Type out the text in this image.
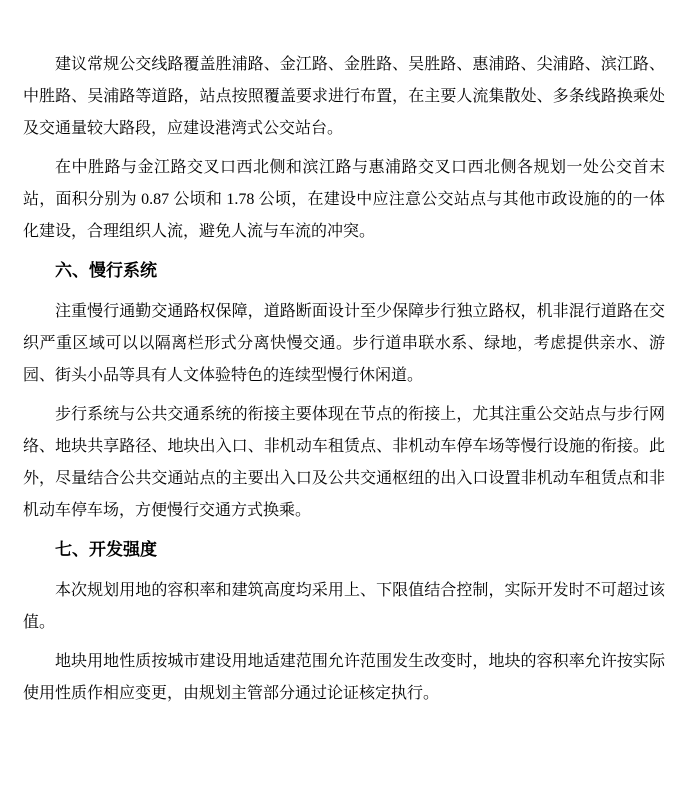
建议常规公交线路覆盖胜浦路、金江路、金胜路、吴胜路、惠浦路、尖浦路、滨江路、中胜路、吴浦路等道路，站点按照覆盖要求进行布置，在主要人流集散处、多条线路换乘处及交通量较大路段，应建设港湾式公交站台。

在中胜路与金江路交叉口西北侧和滨江路与惠浦路交叉口西北侧各规划一处公交首末站，面积分别为 0.87 公顷和 1.78 公顷，在建设中应注意公交站点与其他市政设施的的一体化建设，合理组织人流，避免人流与车流的冲突。

六、慢行系统

注重慢行通勤交通路权保障，道路断面设计至少保障步行独立路权，机非混行道路在交织严重区域可以以隔离栏形式分离快慢交通。步行道串联水系、绿地，考虑提供亲水、游园、街头小品等具有人文体验特色的连续型慢行休闲道。

步行系统与公共交通系统的衔接主要体现在节点的衔接上，尤其注重公交站点与步行网络、地块共享路径、地块出入口、非机动车租赁点、非机动车停车场等慢行设施的衔接。此外，尽量结合公共交通站点的主要出入口及公共交通枢纽的出入口设置非机动车租赁点和非机动车停车场，方便慢行交通方式换乘。

七、开发强度

本次规划用地的容积率和建筑高度均采用上、下限值结合控制，实际开发时不可超过该值。

地块用地性质按城市建设用地适建范围允许范围发生改变时，地块的容积率允许按实际使用性质作相应变更，由规划主管部分通过论证核定执行。
